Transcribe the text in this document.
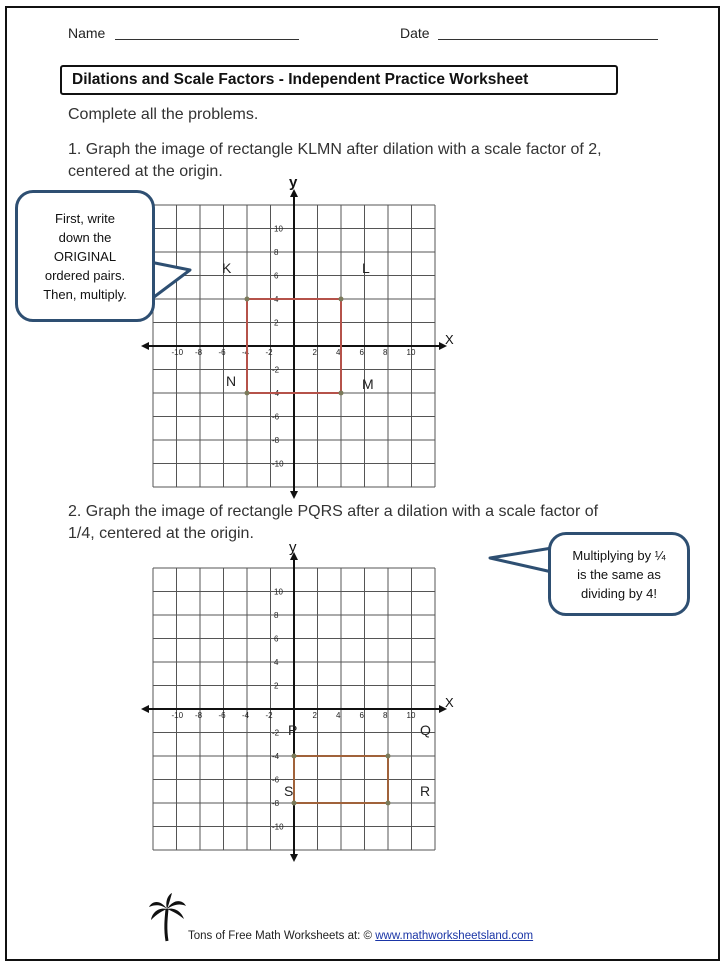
Name	Date
Dilations and Scale Factors - Independent Practice Worksheet
Complete all the problems.
1. Graph the image of rectangle KLMN after dilation with a scale factor of 2,
centered at the origin.
X
y
-10 -8 -6 -4 -2	2 4 6 8 10
10
8
6
4
2
-2
-4
-6
-8
-10
K	L
M
N
X
y
-10 -8 -6 -4 -2	2 4 6 8 10
10
8
6
4
2
-2
-4
-6
-8
-10
P	Q
R
S
First, write
down the
ORIGINAL
ordered pairs.
Then, multiply.
2. Graph the image of rectangle PQRS after a dilation with a scale factor of
1/4, centered at the origin.
Multiplying by ¼
is the same as
dividing by 4!
Tons of Free Math Worksheets at: © www.mathworksheetsland.com
